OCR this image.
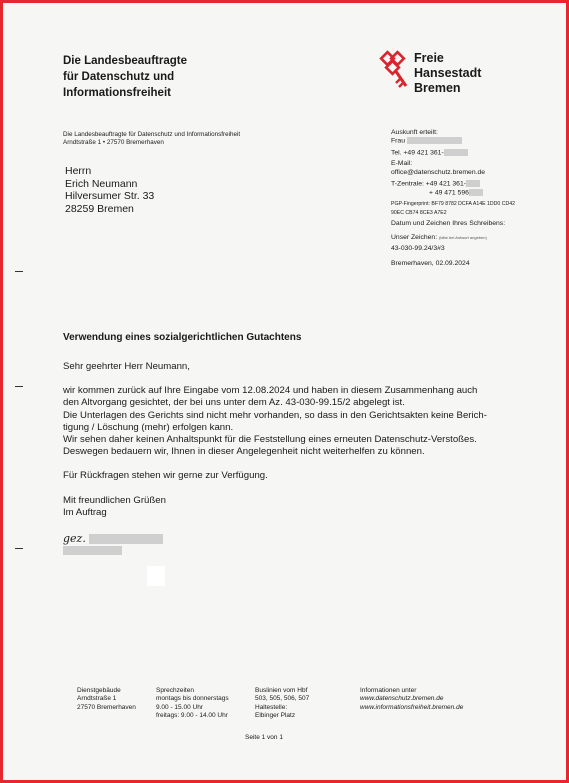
Die Landesbeauftragte
für Datenschutz und
Informationsfreiheit
Freie
Hansestadt
Bremen
Die Landesbeauftragte für Datenschutz und Informationsfreiheit
Arndtstraße 1 • 27570 Bremerhaven
Herrn
Erich Neumann
Hilversumer Str. 33
28259 Bremen
Auskunft erteilt:
Frau
Tel. +49 421 361-
E-Mail:
office@datenschutz.bremen.de
T-Zentrale: +49 421 361-
+ 49 471 596
PGP-Fingerprint: BF79 8782 DCFA A14E 1DD0 CD42
90EC CB74 8CE3 A7E2
Datum und Zeichen Ihres Schreibens:
Unser Zeichen: (bitte bei Antwort angeben)
43-030-99.24/3#3
Bremerhaven, 02.09.2024
Verwendung eines sozialgerichtlichen Gutachtens

Sehr geehrter Herr Neumann,

wir kommen zurück auf Ihre Eingabe vom 12.08.2024 und haben in diesem Zusammenhang auch

den Altvorgang gesichtet, der bei uns unter dem Az. 43-030-99.15/2 abgelegt ist.

Die Unterlagen des Gerichts sind nicht mehr vorhanden, so dass in den Gerichtsakten keine Berich-

tigung / Löschung (mehr) erfolgen kann.

Wir sehen daher keinen Anhaltspunkt für die Feststellung eines erneuten Datenschutz-Verstoßes.

Deswegen bedauern wir, Ihnen in dieser Angelegenheit nicht weiterhelfen zu können.

Für Rückfragen stehen wir gerne zur Verfügung.

Mit freundlichen Grüßen

Im Auftrag

gez.
Dienstgebäude
Arndtstraße 1
27570 Bremerhaven
Sprechzeiten
montags bis donnerstags
9.00 - 15.00 Uhr
freitags: 9.00 - 14.00 Uhr
Buslinien vom Hbf
503, 505, 506, 507
Haltestelle:
Elbinger Platz
Informationen unter
www.datenschutz.bremen.de
www.informationsfreiheit.bremen.de
Seite 1 von 1
